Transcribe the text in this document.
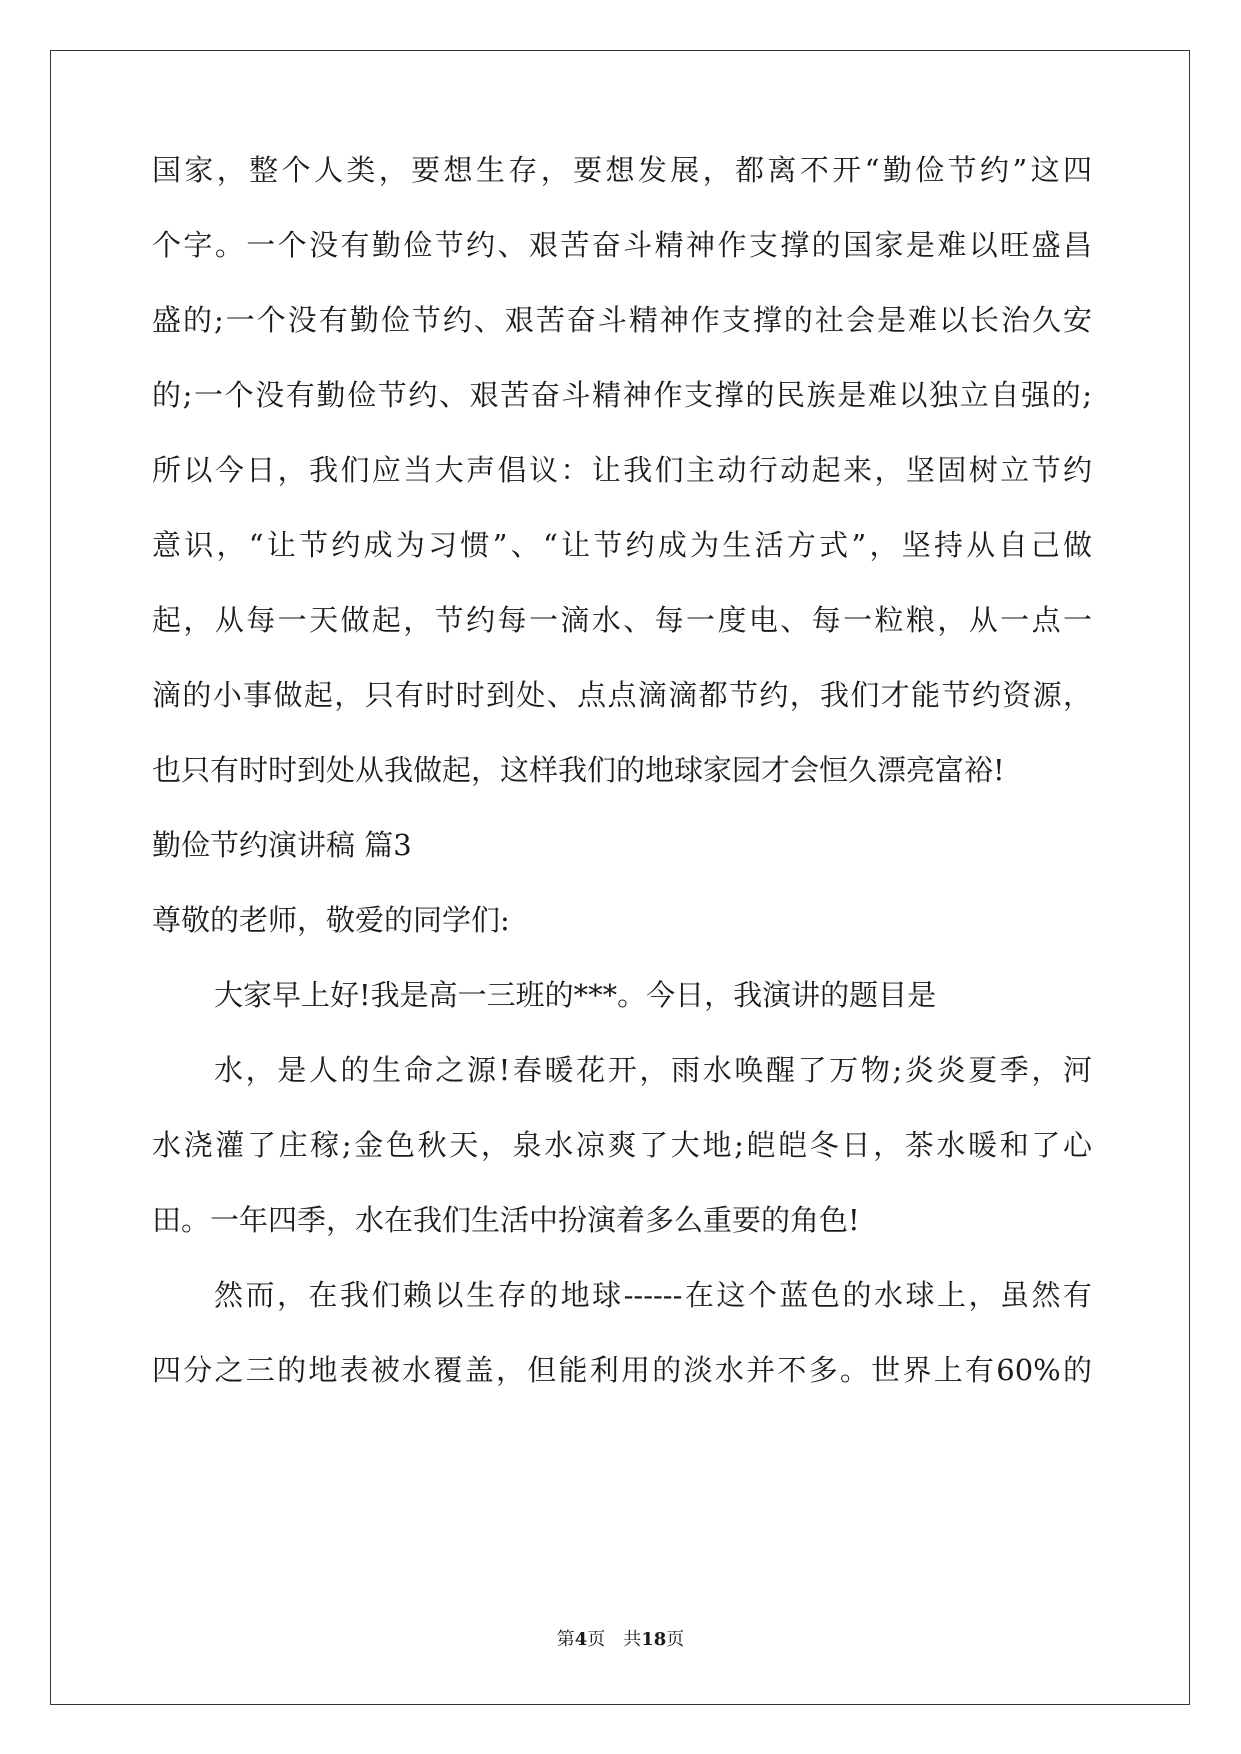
国家，整个人类，要想生存，要想发展，都离不开“勤俭节约”这四
个字。一个没有勤俭节约、艰苦奋斗精神作支撑的国家是难以旺盛昌
盛的;一个没有勤俭节约、艰苦奋斗精神作支撑的社会是难以长治久安
的;一个没有勤俭节约、艰苦奋斗精神作支撑的民族是难以独立自强的;
所以今日，我们应当大声倡议：让我们主动行动起来，坚固树立节约
意识，“让节约成为习惯”、“让节约成为生活方式”，坚持从自己做
起，从每一天做起，节约每一滴水、每一度电、每一粒粮，从一点一
滴的小事做起，只有时时到处、点点滴滴都节约，我们才能节约资源，
也只有时时到处从我做起，这样我们的地球家园才会恒久漂亮富裕!
勤俭节约演讲稿 篇3
尊敬的老师，敬爱的同学们:
大家早上好!我是高一三班的***。今日，我演讲的题目是
水，是人的生命之源!春暖花开，雨水唤醒了万物;炎炎夏季，河
水浇灌了庄稼;金色秋天，泉水凉爽了大地;皑皑冬日，茶水暖和了心
田。一年四季，水在我们生活中扮演着多么重要的角色!
然而，在我们赖以生存的地球------在这个蓝色的水球上，虽然有
四分之三的地表被水覆盖，但能利用的淡水并不多。世界上有60%的
第4页　共18页
